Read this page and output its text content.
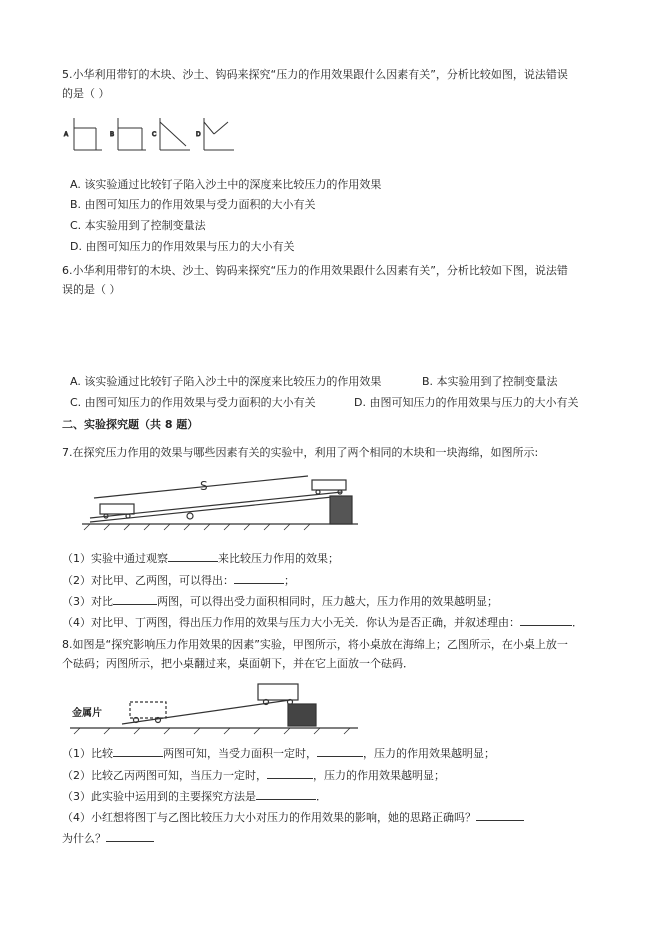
5.小华利用带钉的木块、沙土、钩码来探究“压力的作用效果跟什么因素有关”，分析比较如图，说法错误
的是（ ）
A	B	C	D
A. 该实验通过比较钉子陷入沙土中的深度来比较压力的作用效果
B. 由图可知压力的作用效果与受力面积的大小有关
C. 本实验用到了控制变量法
D. 由图可知压力的作用效果与压力的大小有关
6.小华利用带钉的木块、沙土、钩码来探究“压力的作用效果跟什么因素有关”，分析比较如下图，说法错
误的是（ ）
A. 该实验通过比较钉子陷入沙土中的深度来比较压力的作用效果	B. 本实验用到了控制变量法
C. 由图可知压力的作用效果与受力面积的大小有关	D. 由图可知压力的作用效果与压力的大小有关
二、实验探究题（共 8 题）
7.在探究压力作用的效果与哪些因素有关的实验中，利用了两个相同的木块和一块海绵，如图所示:
S
（1）实验中通过观察	来比较压力作用的效果；
（2）对比甲、乙两图，可以得出：	；
（3）对比	两图，可以得出受力面积相同时，压力越大，压力作用的效果越明显；
（4）对比甲、丁两图，得出压力作用的效果与压力大小无关．你认为是否正确，并叙述理由：	．
8.如图是“探究影响压力作用效果的因素”实验，甲图所示，将小桌放在海绵上；乙图所示，在小桌上放一
个砝码；丙图所示，把小桌翻过来，桌面朝下，并在它上面放一个砝码．
金属片
（1）比较	两图可知，当受力面积一定时，	，压力的作用效果越明显；
（2）比较乙丙两图可知，当压力一定时，	，压力的作用效果越明显；
（3）此实验中运用到的主要探究方法是	．
（4）小红想将图丁与乙图比较压力大小对压力的作用效果的影响，她的思路正确吗？
为什么？
